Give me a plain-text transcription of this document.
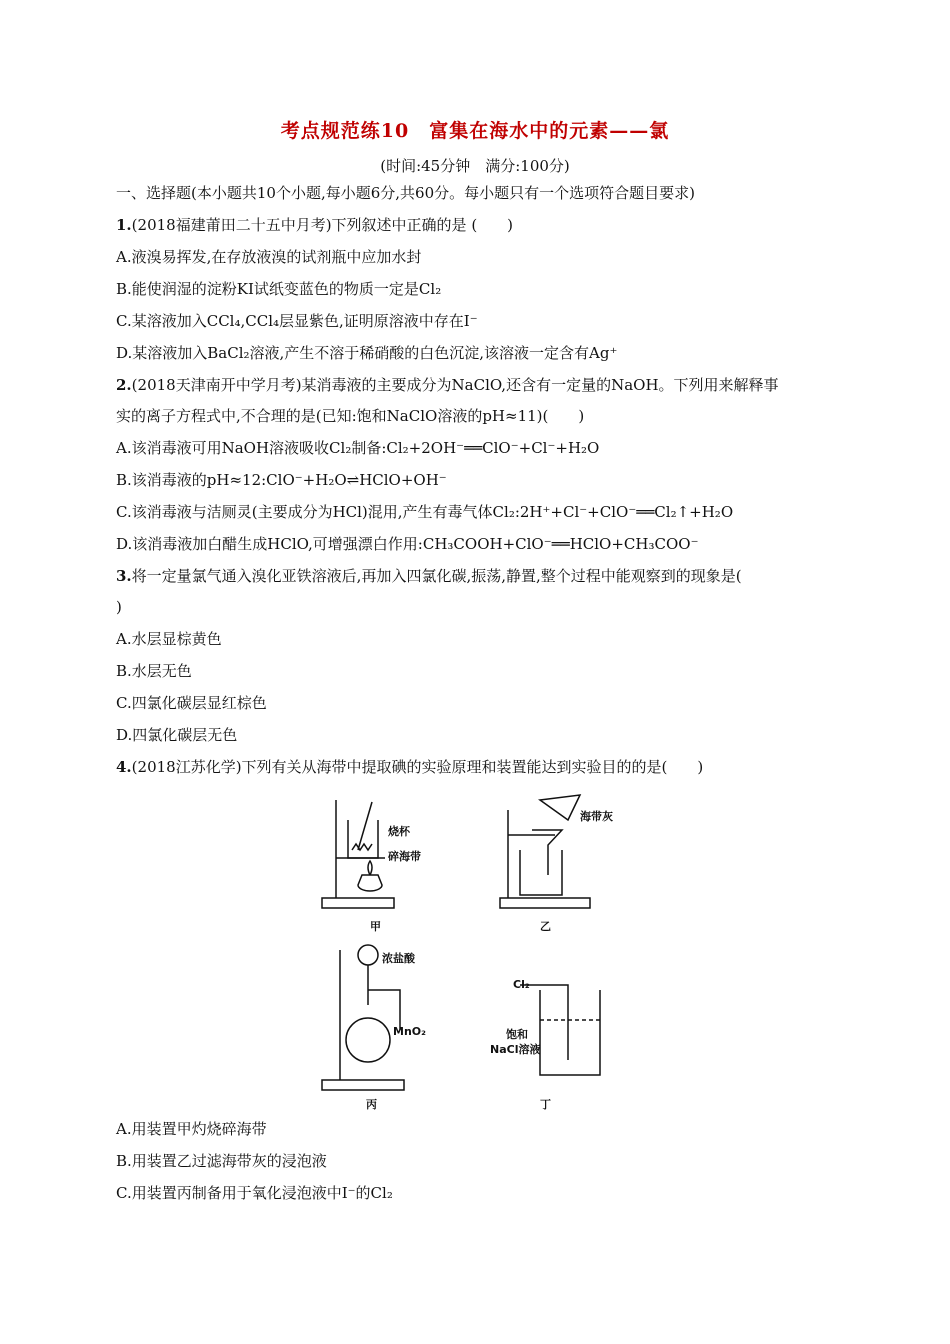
考点规范练10　富集在海水中的元素——氯
(时间:45分钟　满分:100分)
一、选择题(本小题共10个小题,每小题6分,共60分。每小题只有一个选项符合题目要求)
1.(2018福建莆田二十五中月考)下列叙述中正确的是 (　　)
A.液溴易挥发,在存放液溴的试剂瓶中应加水封
B.能使润湿的淀粉KI试纸变蓝色的物质一定是Cl₂
C.某溶液加入CCl₄,CCl₄层显紫色,证明原溶液中存在I⁻
D.某溶液加入BaCl₂溶液,产生不溶于稀硝酸的白色沉淀,该溶液一定含有Ag⁺
2.(2018天津南开中学月考)某消毒液的主要成分为NaClO,还含有一定量的NaOH。下列用来解释事
实的离子方程式中,不合理的是(已知:饱和NaClO溶液的pH≈11)(　　)
A.该消毒液可用NaOH溶液吸收Cl₂制备:Cl₂+2OH⁻══ClO⁻+Cl⁻+H₂O
B.该消毒液的pH≈12:ClO⁻+H₂O⇌HClO+OH⁻
C.该消毒液与洁厕灵(主要成分为HCl)混用,产生有毒气体Cl₂:2H⁺+Cl⁻+ClO⁻══Cl₂↑+H₂O
D.该消毒液加白醋生成HClO,可增强漂白作用:CH₃COOH+ClO⁻══HClO+CH₃COO⁻
3.将一定量氯气通入溴化亚铁溶液后,再加入四氯化碳,振荡,静置,整个过程中能观察到的现象是(
)
A.水层显棕黄色
B.水层无色
C.四氯化碳层显红棕色
D.四氯化碳层无色
4.(2018江苏化学)下列有关从海带中提取碘的实验原理和装置能达到实验目的的是(　　)
烧杯
碎海带
甲
海带灰
乙
浓盐酸
MnO₂
丙
Cl₂
饱和
NaCl溶液
丁
A.用装置甲灼烧碎海带
B.用装置乙过滤海带灰的浸泡液
C.用装置丙制备用于氧化浸泡液中I⁻的Cl₂
